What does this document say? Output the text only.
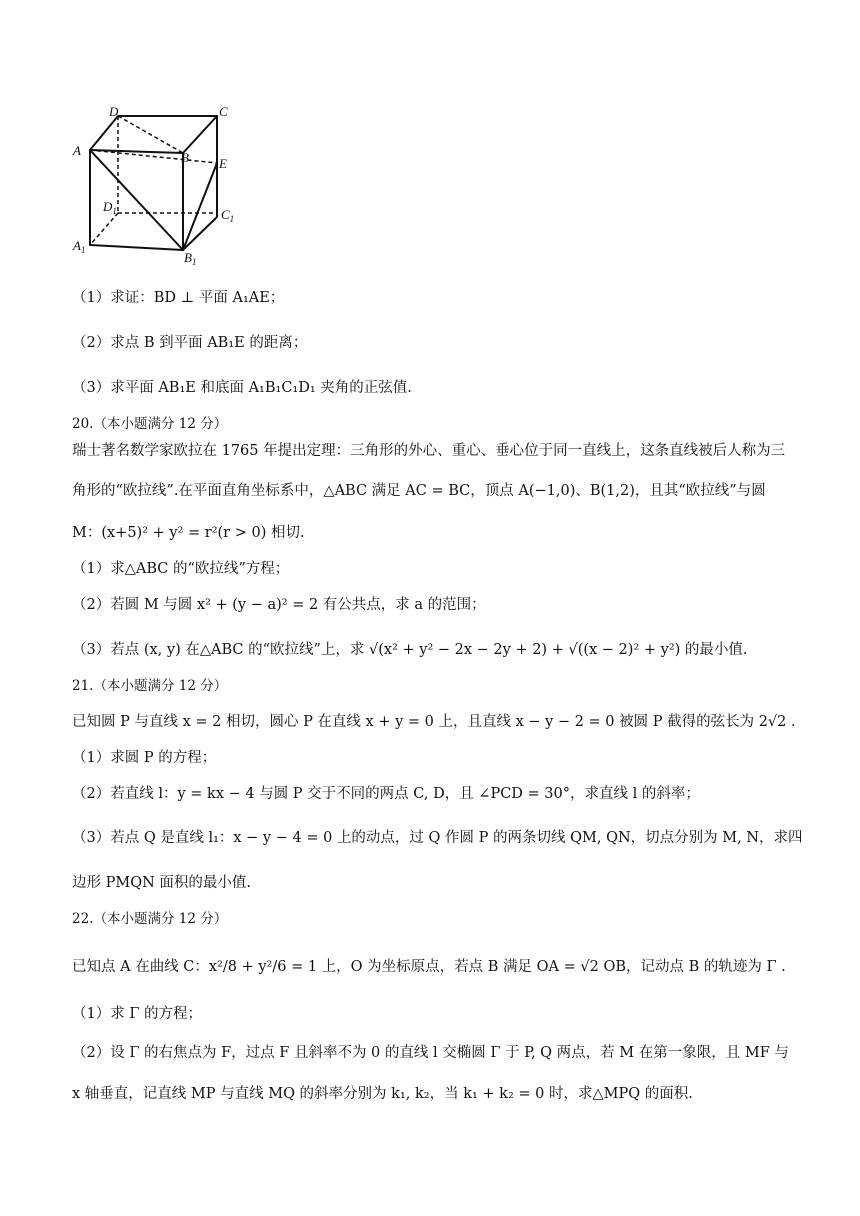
D	C
A	B E
$D_1$	$C_1$
$A_1$	$B_1$
（1）求证：BD ⊥ 平面 A₁AE；
（2）求点 B 到平面 AB₁E 的距离；
（3）求平面 AB₁E 和底面 A₁B₁C₁D₁ 夹角的正弦值.
20.（本小题满分 12 分）
瑞士著名数学家欧拉在 1765 年提出定理：三角形的外心、重心、垂心位于同一直线上，这条直线被后人称为三
角形的“欧拉线”.在平面直角坐标系中，△ABC 满足 AC = BC，顶点 A(−1,0)、B(1,2)，且其“欧拉线”与圆
M：(x+5)² + y² = r²(r > 0) 相切.
（1）求△ABC 的“欧拉线”方程；
（2）若圆 M 与圆 x² + (y − a)² = 2 有公共点，求 a 的范围；
（3）若点 (x, y) 在△ABC 的“欧拉线”上，求 √(x² + y² − 2x − 2y + 2) + √((x − 2)² + y²) 的最小值.
21.（本小题满分 12 分）
已知圆 P 与直线 x = 2 相切，圆心 P 在直线 x + y = 0 上，且直线 x − y − 2 = 0 被圆 P 截得的弦长为 2√2 .
（1）求圆 P 的方程；
（2）若直线 l：y = kx − 4 与圆 P 交于不同的两点 C, D，且 ∠PCD = 30°，求直线 l 的斜率；
（3）若点 Q 是直线 l₁：x − y − 4 = 0 上的动点，过 Q 作圆 P 的两条切线 QM, QN，切点分别为 M, N，求四
边形 PMQN 面积的最小值.
22.（本小题满分 12 分）
已知点 A 在曲线 C：x²/8 + y²/6 = 1 上，O 为坐标原点，若点 B 满足 OA = √2 OB，记动点 B 的轨迹为 Γ .
（1）求 Γ 的方程；
（2）设 Γ 的右焦点为 F，过点 F 且斜率不为 0 的直线 l 交椭圆 Γ 于 P, Q 两点，若 M 在第一象限，且 MF 与
x 轴垂直，记直线 MP 与直线 MQ 的斜率分别为 k₁, k₂，当 k₁ + k₂ = 0 时，求△MPQ 的面积.
